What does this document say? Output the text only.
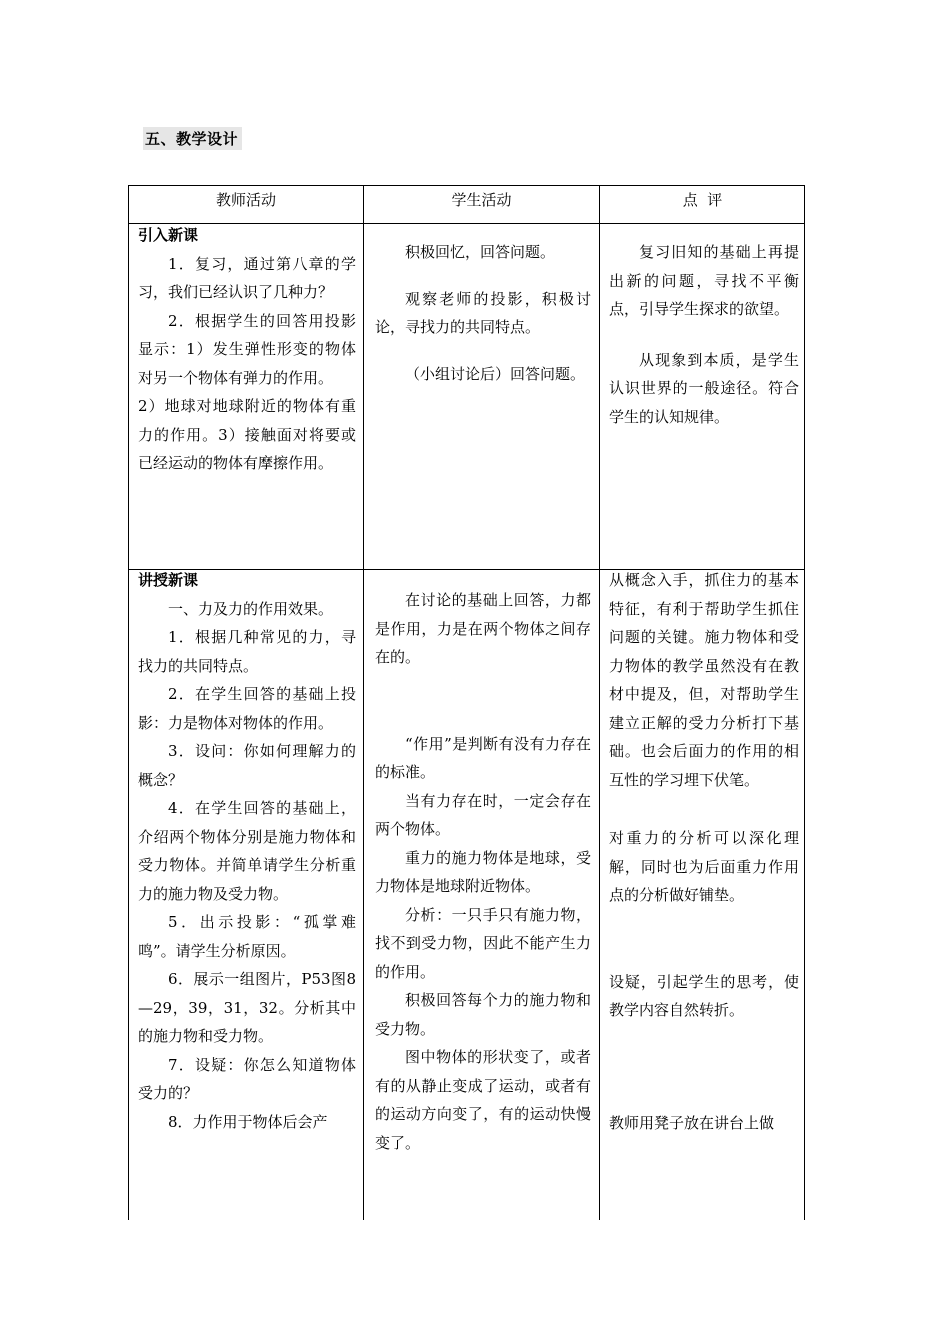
五、教学设计
教师活动	学生活动	点  评

引入新课

1．复习，通过第八章的学习，我们已经认识了几种力？

2．根据学生的回答用投影显示：1）发生弹性形变的物体对另一个物体有弹力的作用。

2）地球对地球附近的物体有重力的作用。3）接触面对将要或已经运动的物体有摩擦作用。

积极回忆，回答问题。

观察老师的投影，积极讨论，寻找力的共同特点。

（小组讨论后）回答问题。

复习旧知的基础上再提出新的问题，寻找不平衡点，引导学生探求的欲望。

从现象到本质，是学生认识世界的一般途径。符合学生的认知规律。

讲授新课

一、力及力的作用效果。

1．根据几种常见的力，寻找力的共同特点。

2．在学生回答的基础上投影：力是物体对物体的作用。

3．设问：你如何理解力的概念？

4．在学生回答的基础上，介绍两个物体分别是施力物体和受力物体。并简单请学生分析重力的施力物及受力物。

5．出示投影：“孤掌难鸣”。请学生分析原因。

6．展示一组图片，P53图8—29，39，31，32。分析其中的施力物和受力物。

7．设疑：你怎么知道物体受力的？

8．力作用于物体后会产

在讨论的基础上回答，力都是作用，力是在两个物体之间存在的。

“作用”是判断有没有力存在的标准。

当有力存在时，一定会存在两个物体。

重力的施力物体是地球，受力物体是地球附近物体。

分析：一只手只有施力物，找不到受力物，因此不能产生力的作用。

积极回答每个力的施力物和受力物。

图中物体的形状变了，或者有的从静止变成了运动，或者有的运动方向变了，有的运动快慢变了。

从概念入手，抓住力的基本特征，有利于帮助学生抓住问题的关键。施力物体和受力物体的教学虽然没有在教材中提及，但，对帮助学生建立正解的受力分析打下基础。也会后面力的作用的相互性的学习埋下伏笔。

对重力的分析可以深化理解，同时也为后面重力作用点的分析做好铺垫。

设疑，引起学生的思考，使教学内容自然转折。

教师用凳子放在讲台上做
